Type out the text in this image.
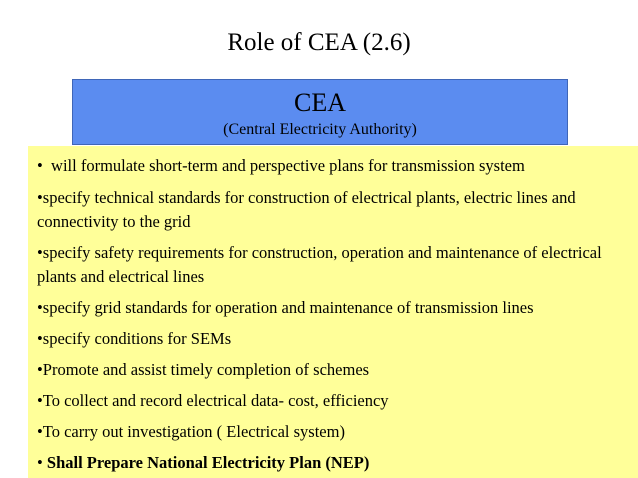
Role of CEA (2.6)
CEA
(Central Electricity Authority)
• will formulate short-term and perspective plans for transmission system
•specify technical standards for construction of electrical plants, electric lines and connectivity to the grid
•specify safety requirements for construction, operation and maintenance of electrical plants and electrical lines
•specify grid standards for operation and maintenance of transmission lines
•specify conditions for SEMs
•Promote and assist timely completion of schemes
•To collect and record electrical data- cost, efficiency
•To carry out investigation ( Electrical system)
• Shall Prepare National Electricity Plan (NEP)
